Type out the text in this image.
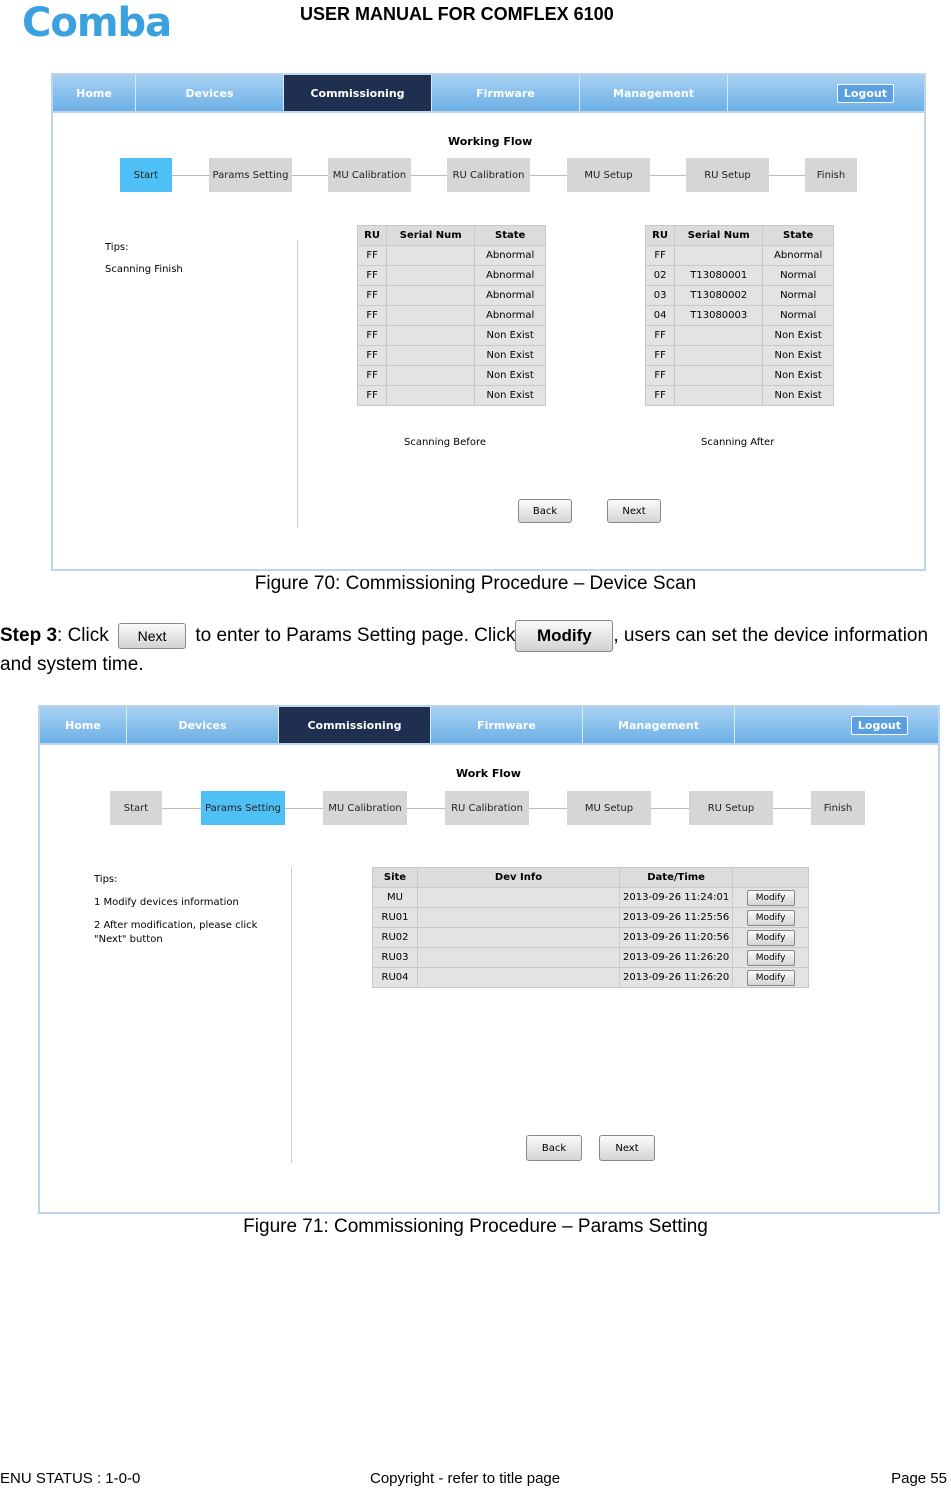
Comba	USER MANUAL FOR COMFLEX 6100
Home	Devices	Commissioning	Firmware	Management	Logout
Working Flow
Start	Params Setting	MU Calibration	RU Calibration	MU Setup	RU Setup	Finish
Tips:
Scanning Finish
RU	Serial Num	State
FF		Abnormal
FF		Abnormal
FF		Abnormal
FF		Abnormal
FF		Non Exist
FF		Non Exist
FF		Non Exist
FF		Non Exist
RU	Serial Num	State
FF		Abnormal
02	T13080001	Normal
03	T13080002	Normal
04	T13080003	Normal
FF		Non Exist
FF		Non Exist
FF		Non Exist
FF		Non Exist
Scanning Before	Scanning After
Back	Next
Figure 70: Commissioning Procedure – Device Scan
Step 3: Click Next to enter to Params Setting page. Click Modify , users can set the device information and system time.
Home	Devices	Commissioning	Firmware	Management	Logout
Work Flow
Start	Params Setting	MU Calibration	RU Calibration	MU Setup	RU Setup	Finish
Tips:
1 Modify devices information
2 After modification, please click "Next" button
Site	Dev Info	Date/Time	
MU		2013-09-26 11:24:01	Modify
RU01		2013-09-26 11:25:56	Modify
RU02		2013-09-26 11:20:56	Modify
RU03		2013-09-26 11:26:20	Modify
RU04		2013-09-26 11:26:20	Modify
Back	Next
Figure 71: Commissioning Procedure – Params Setting
ENU STATUS : 1-0-0	Copyright - refer to title page	Page 55
